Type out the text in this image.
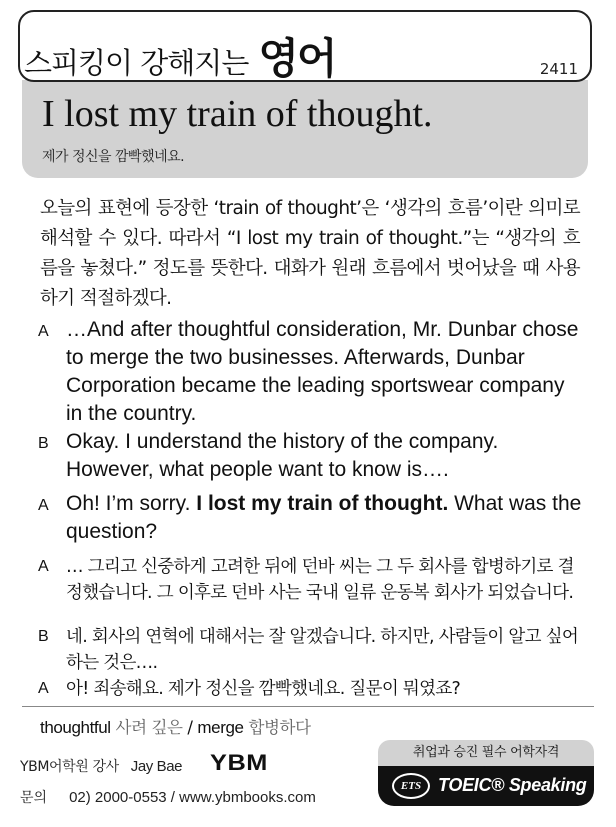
스피킹이 강해지는 영어	2411
I lost my train of thought.
제가 정신을 깜빡했네요.
오늘의 표현에 등장한 ‘train of thought’은 ‘생각의 흐름’이란 의미로 해석할 수 있다. 따라서 “I lost my train of thought.”는 “생각의 흐름을 놓쳤다.” 정도를 뜻한다. 대화가 원래 흐름에서 벗어났을 때 사용하기 적절하겠다.
A …And after thoughtful consideration, Mr. Dunbar chose to merge the two businesses. Afterwards, Dunbar Corporation became the leading sportswear company in the country.
B Okay. I understand the history of the company. However, what people want to know is….
A Oh! I’m sorry. I lost my train of thought. What was the question?
A … 그리고 신중하게 고려한 뒤에 던바 씨는 그 두 회사를 합병하기로 결정했습니다. 그 이후로 던바 사는 국내 일류 운동복 회사가 되었습니다.
B 네. 회사의 연혁에 대해서는 잘 알겠습니다. 하지만, 사람들이 알고 싶어하는 것은….
A 아! 죄송해요. 제가 정신을 깜빡했네요. 질문이 뭐였죠?
thoughtful 사려 깊은 / merge 합병하다
YBM어학원 강사 Jay Bae YBM
문의 02) 2000-0553 / www.ybmbooks.com
취업과 승진 필수 어학자격
ETS TOEIC® Speaking
